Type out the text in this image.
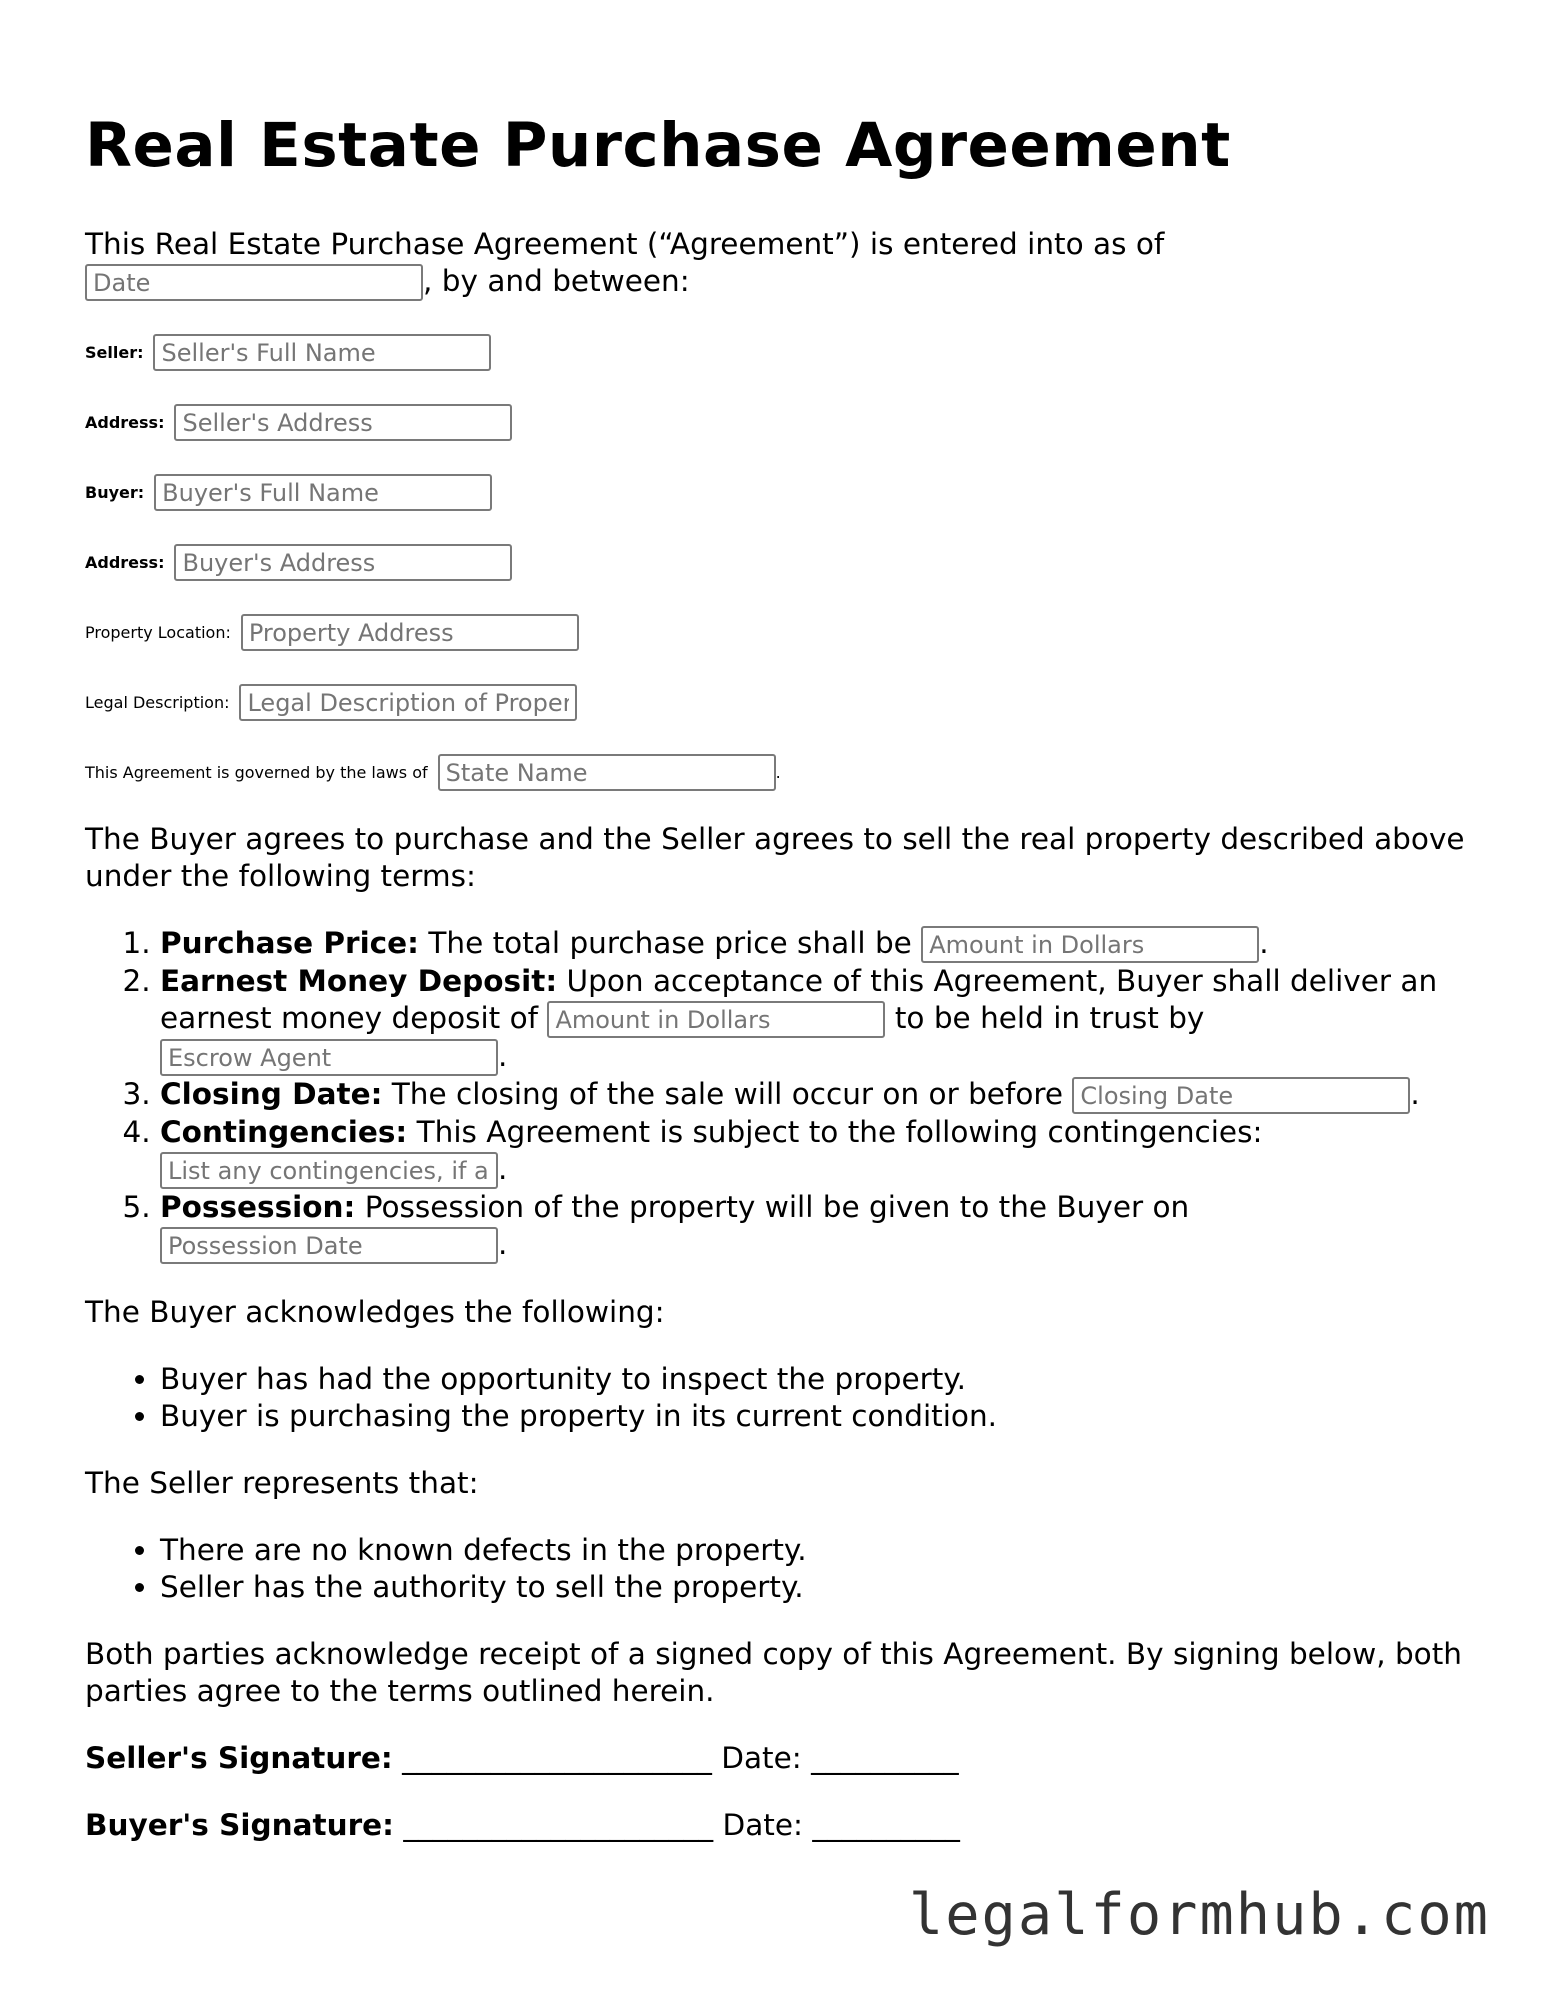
Real Estate Purchase Agreement

This Real Estate Purchase Agreement (“Agreement”) is entered into as of
Date, by and between:

Seller:
Seller's Full Name
Address:
Seller's Address
Buyer:
Buyer's Full Name
Address:
Buyer's Address
Property Location:
Property Address
Legal Description:
Legal Description of Property
This Agreement is governed by the laws of
State Name	.

The Buyer agrees to purchase and the Seller agrees to sell the real property described above under the following terms:

1. Purchase Price: The total purchase price shall be Amount in Dollars	.
2. Earnest Money Deposit: Upon acceptance of this Agreement, Buyer shall deliver an earnest money deposit of Amount in Dollars	to be held in trust by
Escrow Agent.
3. Closing Date: The closing of the sale will occur on or before Closing Date	.
4. Contingencies: This Agreement is subject to the following contingencies:
List any contingencies, if any.
5. Possession: Possession of the property will be given to the Buyer on
Possession Date.

The Buyer acknowledges the following:

• Buyer has had the opportunity to inspect the property.
• Buyer is purchasing the property in its current condition.

The Seller represents that:

• There are no known defects in the property.
• Seller has the authority to sell the property.

Both parties acknowledge receipt of a signed copy of this Agreement. By signing below, both parties agree to the terms outlined herein.

Seller's Signature: _____________________ Date: __________

Buyer's Signature: _____________________ Date: __________

legalformhub.com
